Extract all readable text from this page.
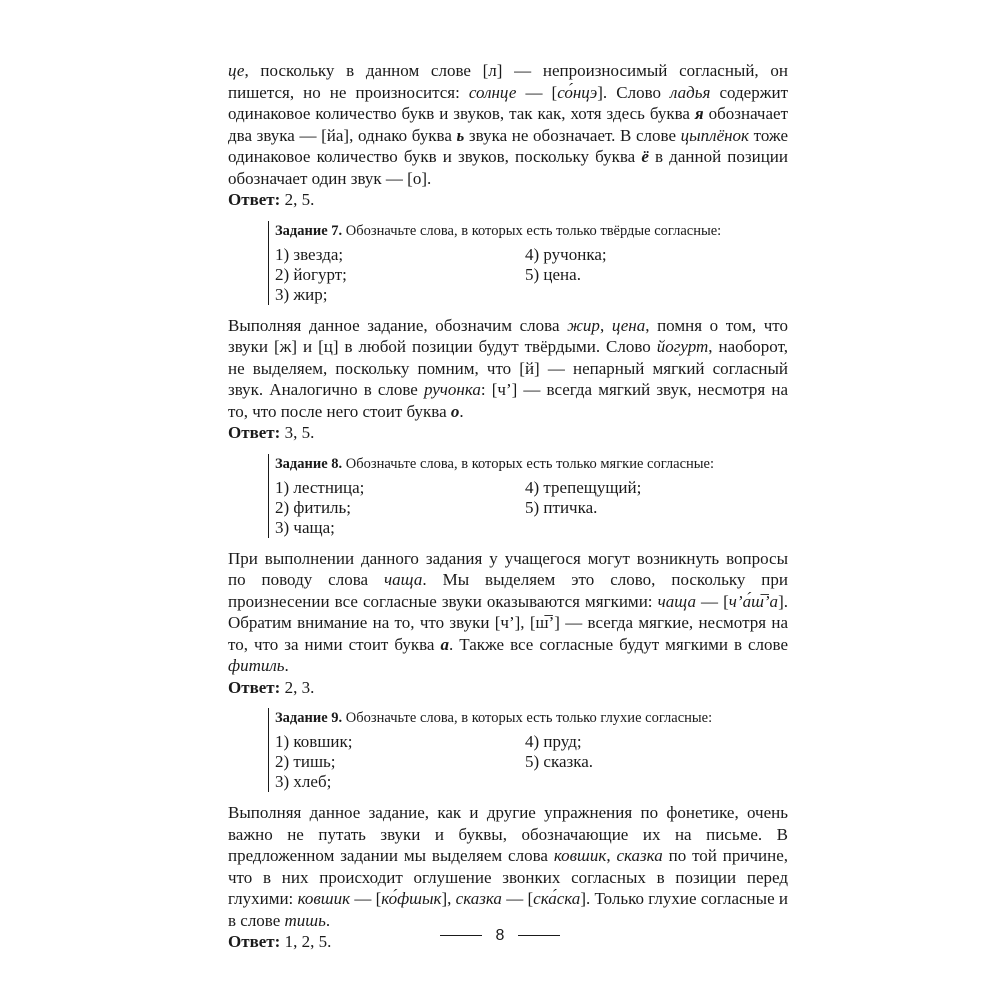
це, поскольку в данном слове [л] — непроизносимый согласный, он пишется, но не произносится: солнце — [со́нцэ]. Слово ладья содержит одинаковое количество букв и звуков, так как, хотя здесь буква я обозначает два звука — [йа], однако буква ь звука не обозначает. В слове цыплёнок тоже одинаковое количество букв и звуков, поскольку буква ё в данной позиции обозначает один звук — [о].

Ответ: 2, 5.

Задание 7. Обозначьте слова, в которых есть только твёрдые согласные:
1) звезда;	4) ручонка;
2) йогурт;	5) цена.
3) жир;

Выполняя данное задание, обозначим слова жир, цена, помня о том, что звуки [ж] и [ц] в любой позиции будут твёрдыми. Слово йогурт, наоборот, не выделяем, поскольку помним, что [й] — непарный мягкий согласный звук. Аналогично в слове ручонка: [ч’] — всегда мягкий звук, несмотря на то, что после него стоит буква о.

Ответ: 3, 5.

Задание 8. Обозначьте слова, в которых есть только мягкие согласные:
1) лестница;	4) трепещущий;
2) фитиль;	5) птичка.
3) чаща;

При выполнении данного задания у учащегося могут возникнуть вопросы по поводу слова чаща. Мы выделяем это слово, поскольку при произнесении все согласные звуки оказываются мягкими: чаща — [ч’а́ш̅’а]. Обратим внимание на то, что звуки [ч’], [ш̅’] — всегда мягкие, несмотря на то, что за ними стоит буква а. Также все согласные будут мягкими в слове фитиль.

Ответ: 2, 3.

Задание 9. Обозначьте слова, в которых есть только глухие согласные:
1) ковшик;	4) пруд;
2) тишь;	5) сказка.
3) хлеб;

Выполняя данное задание, как и другие упражнения по фонетике, очень важно не путать звуки и буквы, обозначающие их на письме. В предложенном задании мы выделяем слова ковшик, сказка по той причине, что в них происходит оглушение звонких согласных в позиции перед глухими: ковшик — [ко́фшык], сказка — [ска́ска]. Только глухие согласные и в слове тишь.

Ответ: 1, 2, 5.	8
